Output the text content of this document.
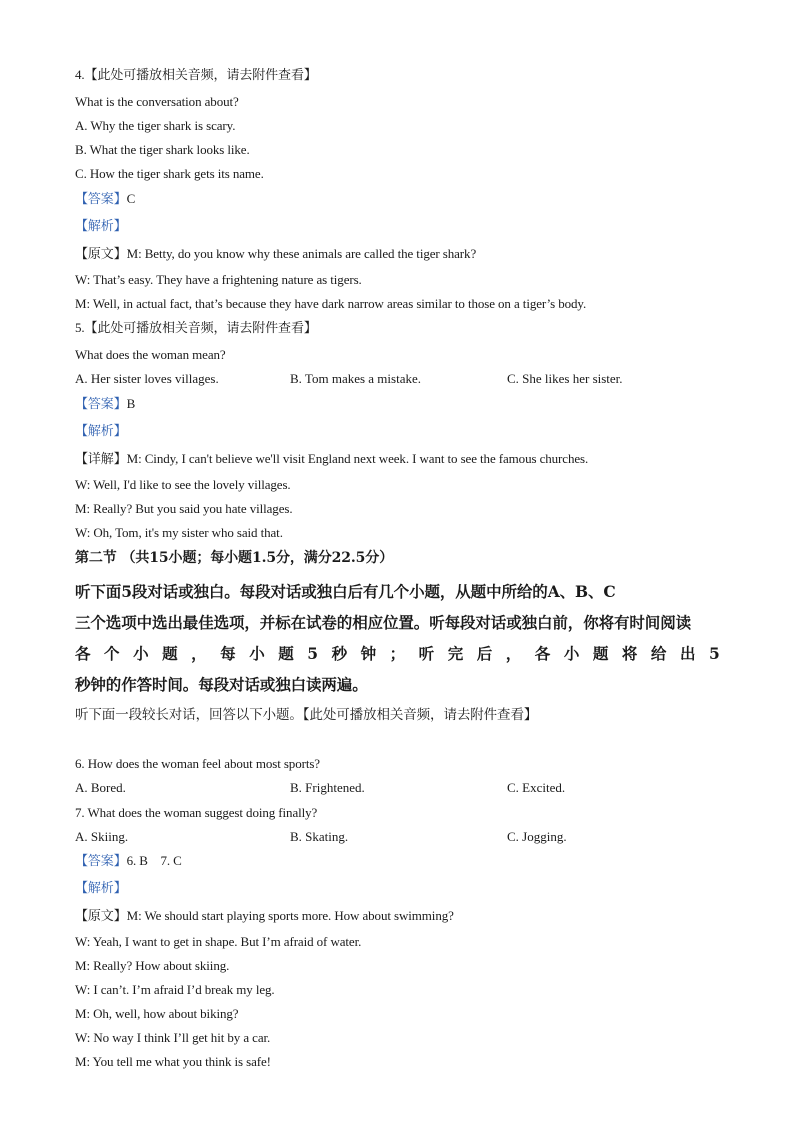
4.【此处可播放相关音频，请去附件查看】
What is the conversation about?
A. Why the tiger shark is scary.
B. What the tiger shark looks like.
C. How the tiger shark gets its name.
【答案】C
【解析】
【原文】M: Betty, do you know why these animals are called the tiger shark?
W: That’s easy. They have a frightening nature as tigers.
M: Well, in actual fact, that’s because they have dark narrow areas similar to those on a tiger’s body.
5.【此处可播放相关音频，请去附件查看】
What does the woman mean?
A. Her sister loves villages.	B. Tom makes a mistake.	C. She likes her sister.
【答案】B
【解析】
【详解】M: Cindy, I can't believe we'll visit England next week. I want to see the famous churches.
W: Well, I'd like to see the lovely villages.
M: Really? But you said you hate villages.
W: Oh, Tom, it's my sister who said that.
第二节 （共15小题；每小题1.5分，满分22.5分）
听下面5段对话或独白。每段对话或独白后有几个小题，从题中所给的A、B、C
三个选项中选出最佳选项，并标在试卷的相应位置。听每段对话或独白前，你将有时间阅读
各 个 小 题 ， 每 小 题 5 秒 钟 ； 听 完 后 ， 各 小 题 将 给 出 5
秒钟的作答时间。每段对话或独白读两遍。
听下面一段较长对话，回答以下小题。【此处可播放相关音频，请去附件查看】
6. How does the woman feel about most sports?
A. Bored.	B. Frightened.	C. Excited.
7. What does the woman suggest doing finally?
A. Skiing.	B. Skating.	C. Jogging.
【答案】6. B    7. C
【解析】
【原文】M: We should start playing sports more. How about swimming?
W: Yeah, I want to get in shape. But I’m afraid of water.
M: Really? How about skiing.
W: I can’t. I’m afraid I’d break my leg.
M: Oh, well, how about biking?
W: No way I think I’ll get hit by a car.
M: You tell me what you think is safe!
